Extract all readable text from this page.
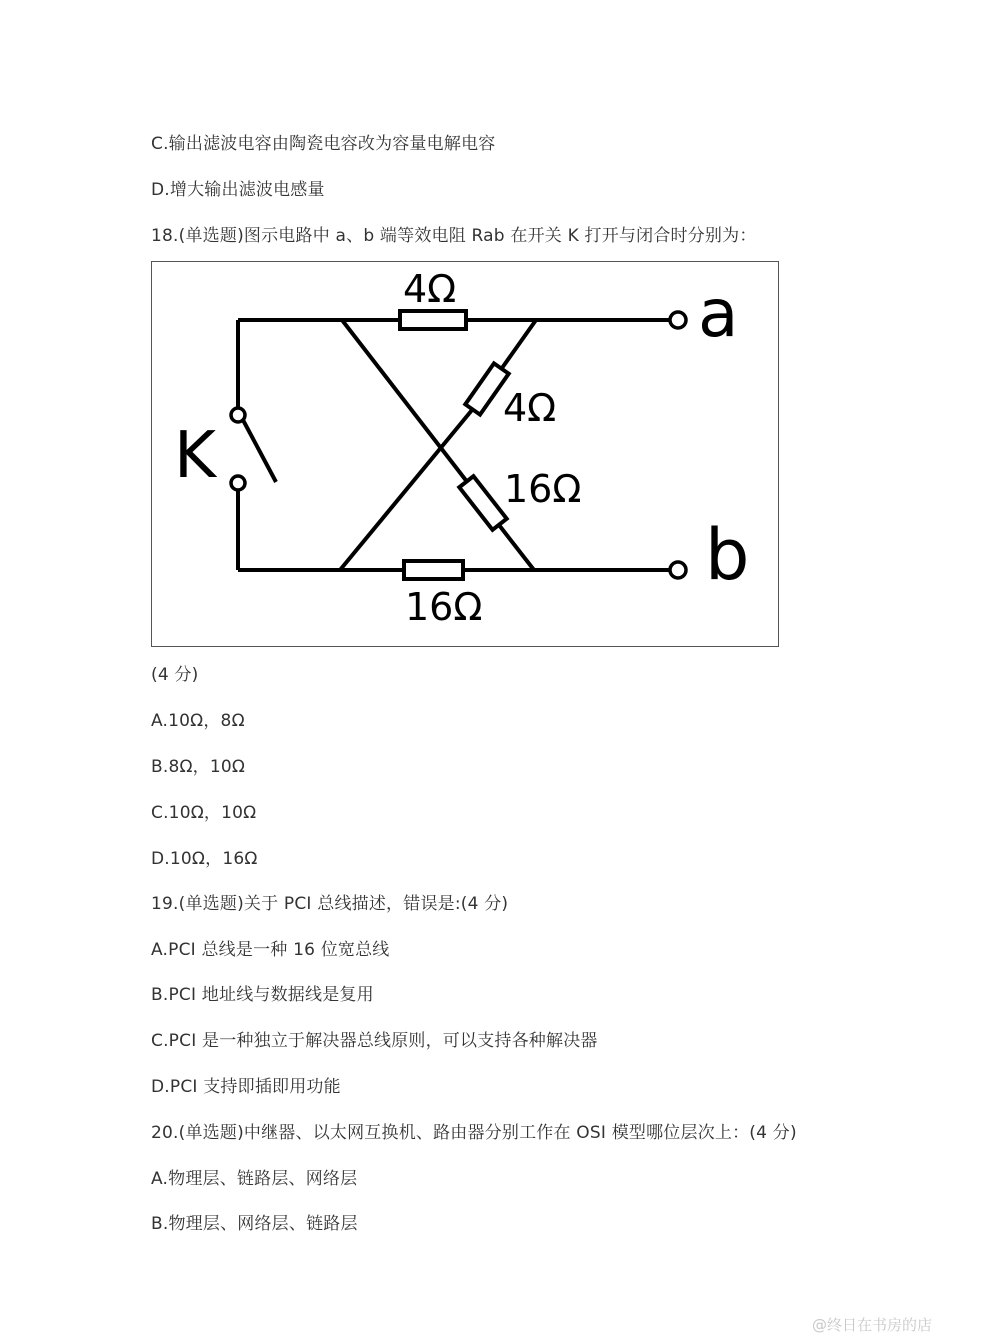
C.输出滤波电容由陶瓷电容改为容量电解电容
D.增大输出滤波电感量
18.(单选题)图示电路中 a、b 端等效电阻 Rab 在开关 K 打开与闭合时分别为：
4Ω
4Ω
16Ω
16Ω
K
a
b
(4 分)
A.10Ω，8Ω
B.8Ω，10Ω
C.10Ω，10Ω
D.10Ω，16Ω
19.(单选题)关于 PCI 总线描述，错误是:(4 分)
A.PCI 总线是一种 16 位宽总线
B.PCI 地址线与数据线是复用
C.PCI 是一种独立于解决器总线原则，可以支持各种解决器
D.PCI 支持即插即用功能
20.(单选题)中继器、以太网互换机、路由器分别工作在 OSI 模型哪位层次上：(4 分)
A.物理层、链路层、网络层
B.物理层、网络层、链路层
@终日在书房的店
